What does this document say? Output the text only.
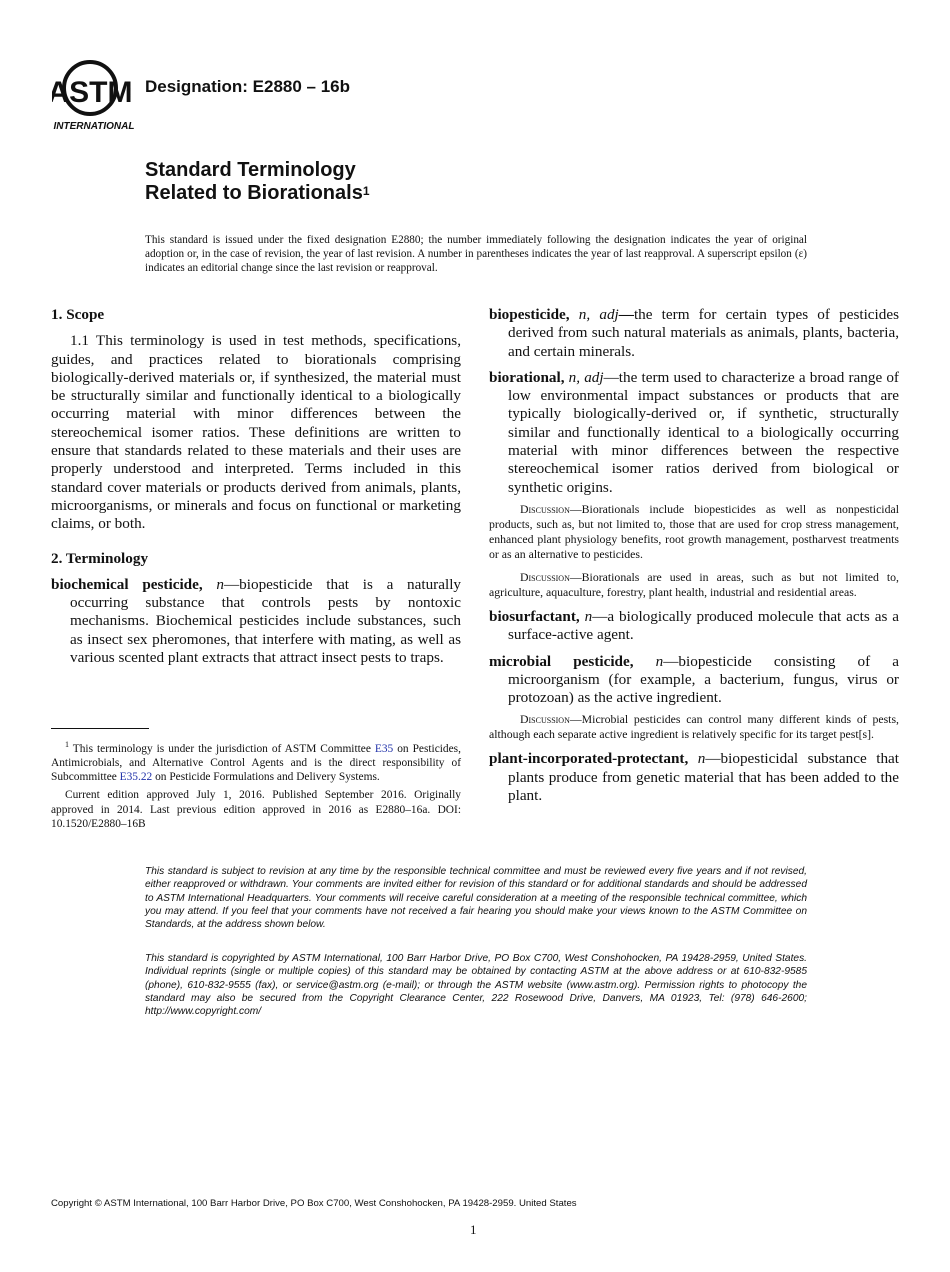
ASTM
INTERNATIONAL
Designation: E2880 – 16b
Standard Terminology
Related to Biorationals$^1$
This standard is issued under the fixed designation E2880; the number immediately following the designation indicates the year of original adoption or, in the case of revision, the year of last revision. A number in parentheses indicates the year of last reapproval. A superscript epsilon (ε) indicates an editorial change since the last revision or reapproval.
1. Scope

1.1 This terminology is used in test methods, specifications, guides, and practices related to biorationals comprising biologically-derived materials or, if synthesized, the material must be structurally similar and functionally identical to a biologically occurring material with minor differences between the stereochemical isomer ratios. These definitions are written to ensure that standards related to these materials and their uses are properly understood and interpreted. Terms included in this standard cover materials or products derived from animals, plants, microorganisms, or minerals and focus on functional or marketing claims, or both.

2. Terminology

biochemical pesticide, n—biopesticide that is a naturally occurring substance that controls pests by nontoxic mechanisms. Biochemical pesticides include substances, such as insect sex pheromones, that interfere with mating, as well as various scented plant extracts that attract insect pests to traps.

biopesticide, n, adj—the term for certain types of pesticides derived from such natural materials as animals, plants, bacteria, and certain minerals.

biorational, n, adj—the term used to characterize a broad range of low environmental impact substances or products that are typically biologically-derived or, if synthetic, structurally similar and functionally identical to a biologically occurring material with minor differences between the respective stereochemical isomer ratios derived from biological or synthetic origins.

Discussion—Biorationals include biopesticides as well as nonpesticidal products, such as, but not limited to, those that are used for crop stress management, enhanced plant physiology benefits, root growth management, postharvest treatments or as an alternative to pesticides.

Discussion—Biorationals are used in areas, such as but not limited to, agriculture, aquaculture, forestry, plant health, industrial and residential areas.

biosurfactant, n—a biologically produced molecule that acts as a surface-active agent.

microbial pesticide, n—biopesticide consisting of a microorganism (for example, a bacterium, fungus, virus or protozoan) as the active ingredient.

Discussion—Microbial pesticides can control many different kinds of pests, although each separate active ingredient is relatively specific for its target pest[s].

plant-incorporated-protectant, n—biopesticidal substance that plants produce from genetic material that has been added to the plant.

$^1$ This terminology is under the jurisdiction of ASTM Committee E35 on Pesticides, Antimicrobials, and Alternative Control Agents and is the direct responsibility of Subcommittee E35.22 on Pesticide Formulations and Delivery Systems.

Current edition approved July 1, 2016. Published September 2016. Originally approved in 2014. Last previous edition approved in 2016 as E2880–16a. DOI: 10.1520/E2880–16B

This standard is subject to revision at any time by the responsible technical committee and must be reviewed every five years and if not revised, either reapproved or withdrawn. Your comments are invited either for revision of this standard or for additional standards and should be addressed to ASTM International Headquarters. Your comments will receive careful consideration at a meeting of the responsible technical committee, which you may attend. If you feel that your comments have not received a fair hearing you should make your views known to the ASTM Committee on Standards, at the address shown below.
This standard is copyrighted by ASTM International, 100 Barr Harbor Drive, PO Box C700, West Conshohocken, PA 19428-2959, United States. Individual reprints (single or multiple copies) of this standard may be obtained by contacting ASTM at the above address or at 610-832-9585 (phone), 610-832-9555 (fax), or service@astm.org (e-mail); or through the ASTM website (www.astm.org). Permission rights to photocopy the standard may also be secured from the Copyright Clearance Center, 222 Rosewood Drive, Danvers, MA 01923, Tel: (978) 646-2600; http://www.copyright.com/
Copyright © ASTM International, 100 Barr Harbor Drive, PO Box C700, West Conshohocken, PA 19428-2959. United States
1
